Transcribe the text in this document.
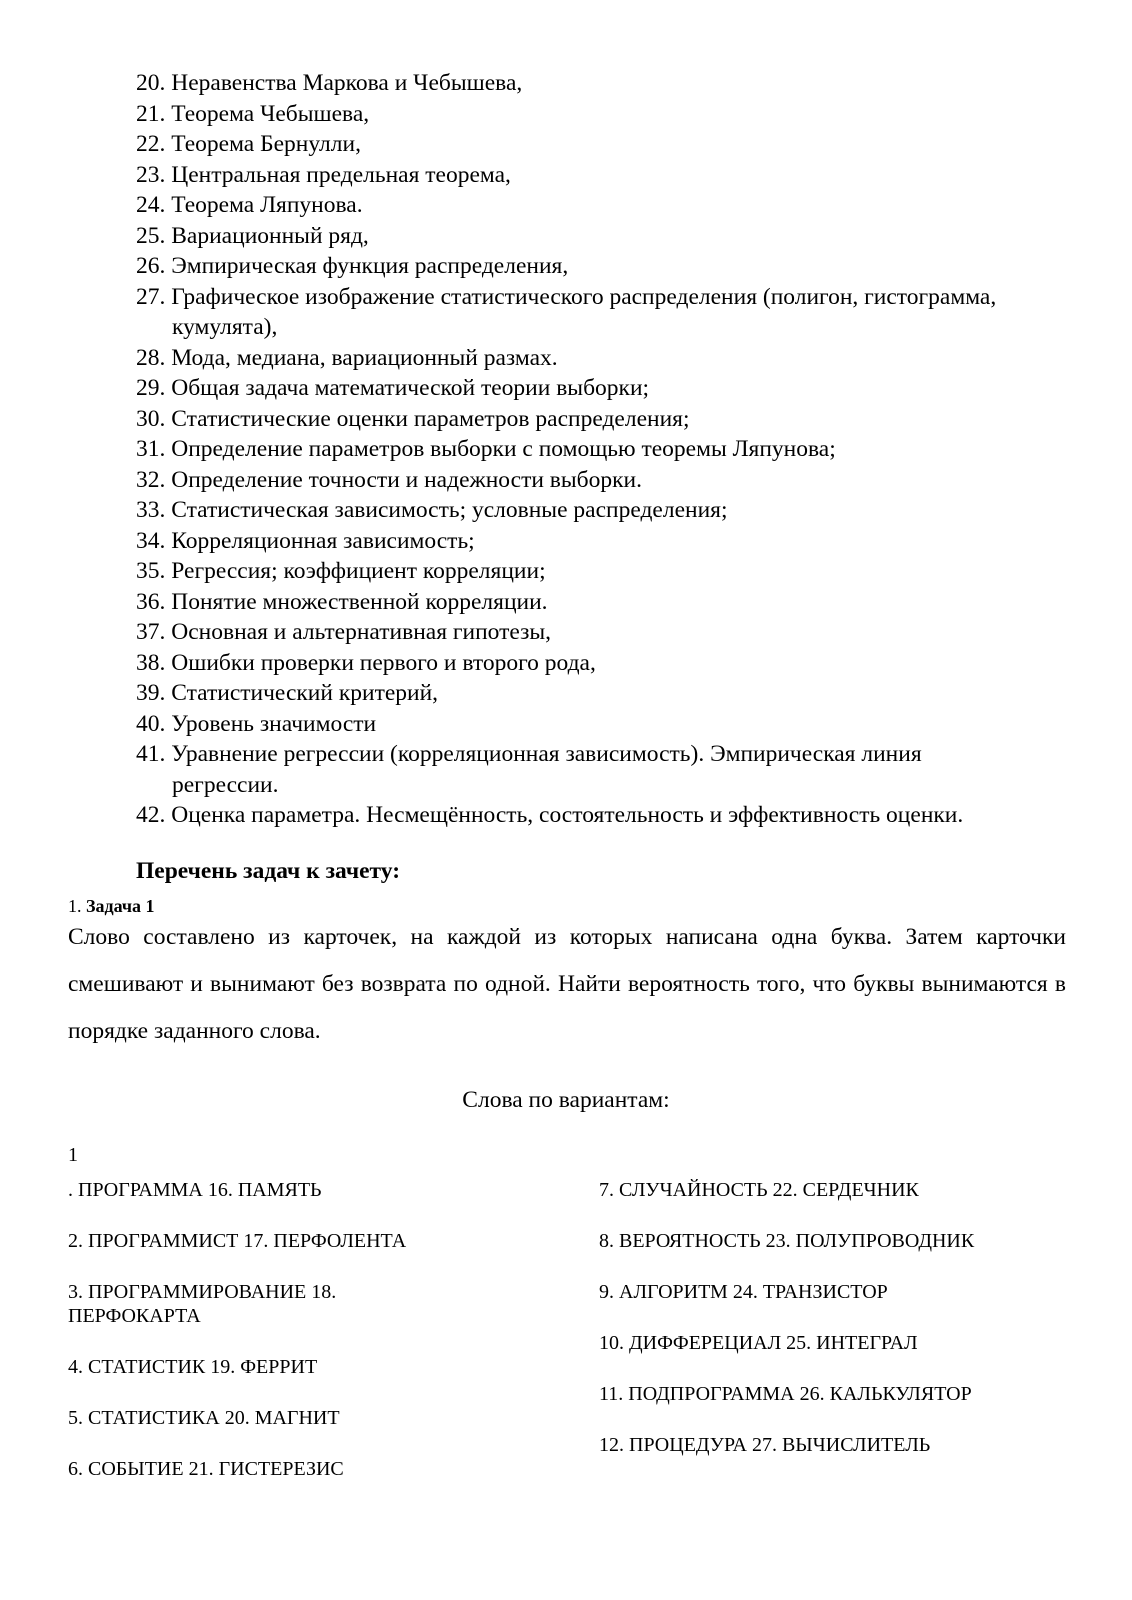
20. Неравенства Маркова и Чебышева,
21. Теорема Чебышева,
22. Теорема Бернулли,
23. Центральная предельная теорема,
24. Теорема Ляпунова.
25. Вариационный ряд,
26. Эмпирическая функция распределения,
27. Графическое изображение статистического распределения (полигон, гистограмма, кумулята),
28. Мода, медиана, вариационный размах.
29. Общая задача математической теории выборки;
30. Статистические оценки параметров распределения;
31. Определение параметров выборки с помощью теоремы Ляпунова;
32. Определение точности и надежности выборки.
33. Статистическая зависимость; условные распределения;
34. Корреляционная зависимость;
35. Регрессия; коэффициент корреляции;
36. Понятие множественной корреляции.
37. Основная и альтернативная гипотезы,
38. Ошибки проверки первого и второго рода,
39. Статистический критерий,
40. Уровень значимости
41. Уравнение регрессии (корреляционная зависимость). Эмпирическая линия регрессии.
42. Оценка параметра. Несмещённость, состоятельность и эффективность оценки.
Перечень задач к зачету:
1. Задача 1

Слово составлено из карточек, на каждой из которых написана одна буква. Затем карточки смешивают и вынимают без возврата по одной. Найти вероятность того, что буквы вынимаются в порядке заданного слова.

Слова по вариантам:
1
. ПРОГРАММА 16. ПАМЯТЬ
2. ПРОГРАММИСТ 17. ПЕРФОЛЕНТА
3. ПРОГРАММИРОВАНИЕ 18. ПЕРФОКАРТА
4. СТАТИСТИК 19. ФЕРРИТ
5. СТАТИСТИКА 20. МАГНИТ
6. СОБЫТИЕ 21. ГИСТЕРЕЗИС
7. СЛУЧАЙНОСТЬ 22. СЕРДЕЧНИК
8. ВЕРОЯТНОСТЬ 23. ПОЛУПРОВОДНИК
9. АЛГОРИТМ 24. ТРАНЗИСТОР
10. ДИФФЕРЕЦИАЛ 25. ИНТЕГРАЛ
11. ПОДПРОГРАММА 26. КАЛЬКУЛЯТОР
12. ПРОЦЕДУРА 27. ВЫЧИСЛИТЕЛЬ
